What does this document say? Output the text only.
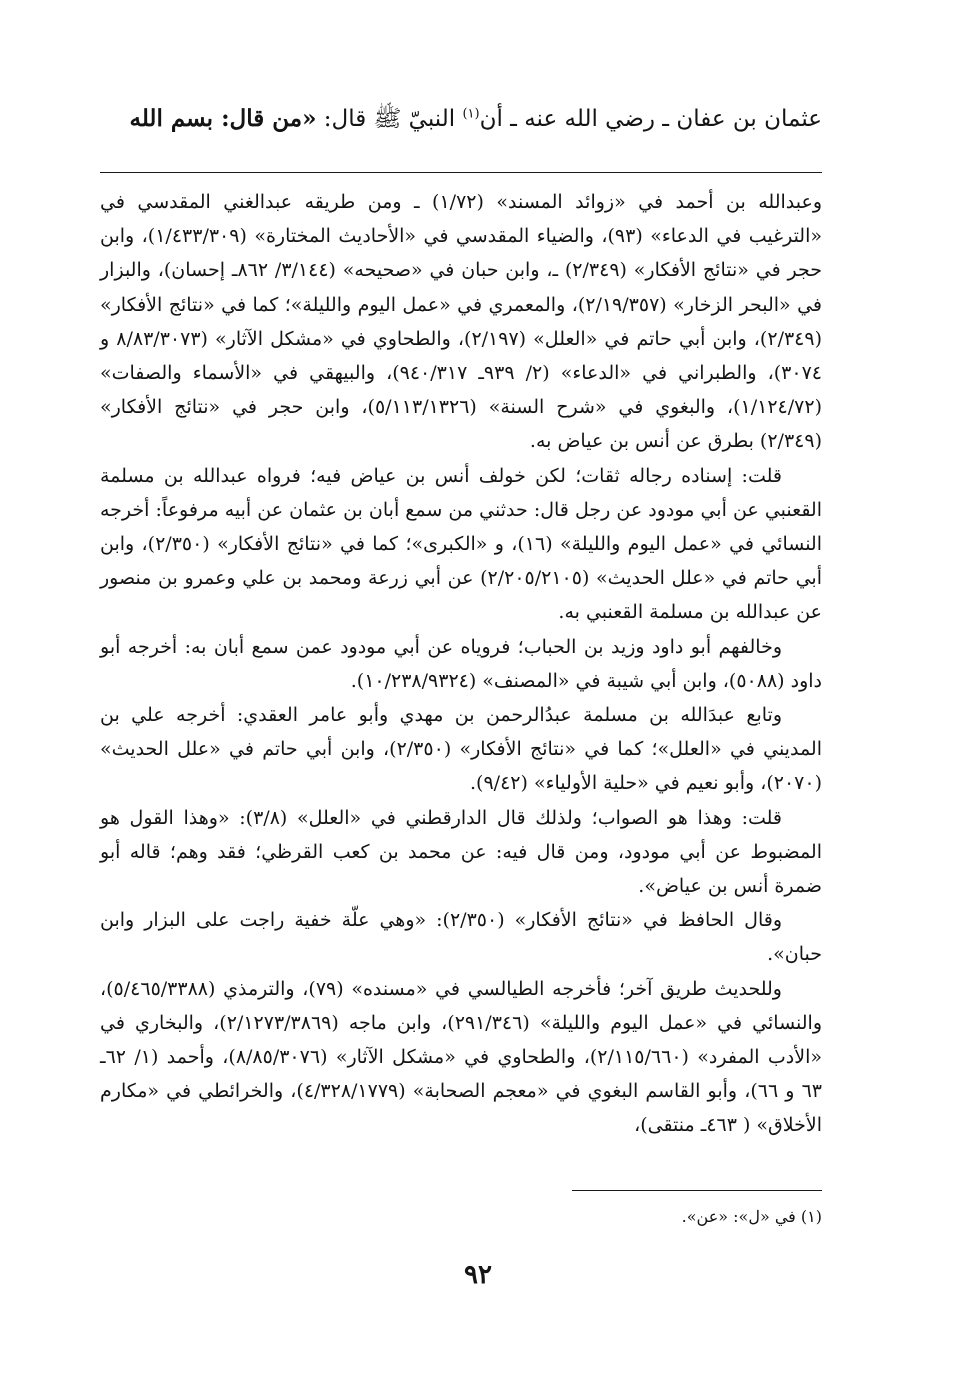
عثمان بن عفان ـ رضي الله عنه ـ أن$^{(١)}$ النبيّ ﷺ قال: «من قال: بسم الله

وعبدالله بن أحمد في «زوائد المسند» (١/٧٢) ـ ومن طريقه عبدالغني المقدسي في «الترغيب في الدعاء» (٩٣)، والضياء المقدسي في «الأحاديث المختارة» (١/٤٣٣/٣٠٩)، وابن حجر في «نتائج الأفكار» (٢/٣٤٩) ـ، وابن حبان في «صحيحه» (٣/١٤٤/ ٨٦٢ـ إحسان)، والبزار في «البحر الزخار» (٢/١٩/٣٥٧)، والمعمري في «عمل اليوم والليلة»؛ كما في «نتائج الأفكار» (٢/٣٤٩)، وابن أبي حاتم في «العلل» (٢/١٩٧)، والطحاوي في «مشكل الآثار» (٨/٨٣/٣٠٧٣ و ٣٠٧٤)، والطبراني في «الدعاء» (٢/ ٩٣٩ـ ٩٤٠/٣١٧)، والبيهقي في «الأسماء والصفات» (١/١٢٤/٧٢)، والبغوي في «شرح السنة» (٥/١١٣/١٣٢٦)، وابن حجر في «نتائج الأفكار» (٢/٣٤٩) بطرق عن أنس بن عياض به.

قلت: إسناده رجاله ثقات؛ لكن خولف أنس بن عياض فيه؛ فرواه عبدالله بن مسلمة القعنبي عن أبي مودود عن رجل قال: حدثني من سمع أبان بن عثمان عن أبيه مرفوعاً: أخرجه النسائي في «عمل اليوم والليلة» (١٦)، و «الكبرى»؛ كما في «نتائج الأفكار» (٢/٣٥٠)، وابن أبي حاتم في «علل الحديث» (٢/٢٠٥/٢١٠٥) عن أبي زرعة ومحمد بن علي وعمرو بن منصور عن عبدالله بن مسلمة القعنبي به.

وخالفهم أبو داود وزيد بن الحباب؛ فروياه عن أبي مودود عمن سمع أبان به: أخرجه أبو داود (٥٠٨٨)، وابن أبي شيبة في «المصنف» (١٠/٢٣٨/٩٣٢٤).

وتابع عبدَالله بن مسلمة عبدُالرحمن بن مهدي وأبو عامر العقدي: أخرجه علي بن المديني في «العلل»؛ كما في «نتائج الأفكار» (٢/٣٥٠)، وابن أبي حاتم في «علل الحديث» (٢٠٧٠)، وأبو نعيم في «حلية الأولياء» (٩/٤٢).

قلت: وهذا هو الصواب؛ ولذلك قال الدارقطني في «العلل» (٣/٨): «وهذا القول هو المضبوط عن أبي مودود، ومن قال فيه: عن محمد بن كعب القرظي؛ فقد وهم؛ قاله أبو ضمرة أنس بن عياض».

وقال الحافظ في «نتائج الأفكار» (٢/٣٥٠): «وهي علّة خفية راجت على البزار وابن حبان».

وللحديث طريق آخر؛ فأخرجه الطيالسي في «مسنده» (٧٩)، والترمذي (٥/٤٦٥/٣٣٨٨)، والنسائي في «عمل اليوم والليلة» (٢٩١/٣٤٦)، وابن ماجه (٢/١٢٧٣/٣٨٦٩)، والبخاري في «الأدب المفرد» (٢/١١٥/٦٦٠)، والطحاوي في «مشكل الآثار» (٨/٨٥/٣٠٧٦)، وأحمد (١/ ٦٢ـ ٦٣ و ٦٦)، وأبو القاسم البغوي في «معجم الصحابة» (٤/٣٢٨/١٧٧٩)، والخرائطي في «مكارم الأخلاق» ( ٤٦٣ـ منتقى)،

(١) في «ل»: «عن».
٩٢
